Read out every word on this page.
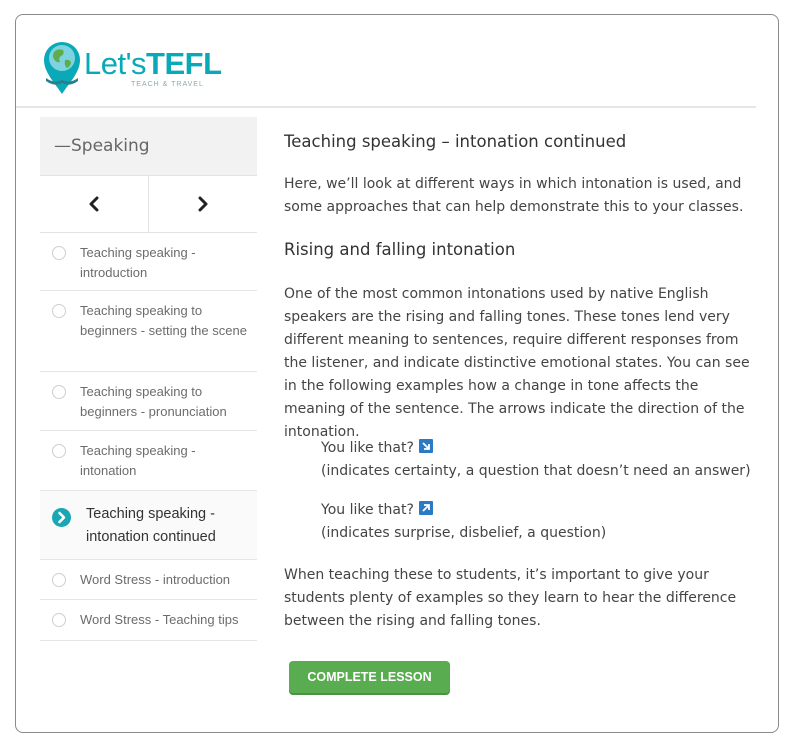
Let'sTEFL
TEACH & TRAVEL
—Speaking
Teaching speaking - introduction
Teaching speaking to beginners - setting the scene
Teaching speaking to beginners - pronunciation
Teaching speaking - intonation
Teaching speaking - intonation continued
Word Stress - introduction
Word Stress - Teaching tips
Teaching speaking – intonation continued
Here, we’ll look at different ways in which intonation is used, and some approaches that can help demonstrate this to your classes.
Rising and falling intonation
One of the most common intonations used by native English speakers are the rising and falling tones. These tones lend very different meaning to sentences, require different responses from the listener, and indicate distinctive emotional states. You can see in the following examples how a change in tone affects the meaning of the sentence. The arrows indicate the direction of the intonation.
You like that?

(indicates certainty, a question that doesn’t need an answer)
You like that?

(indicates surprise, disbelief, a question)
When teaching these to students, it’s important to give your students plenty of examples so they learn to hear the difference between the rising and falling tones.
COMPLETE LESSON
